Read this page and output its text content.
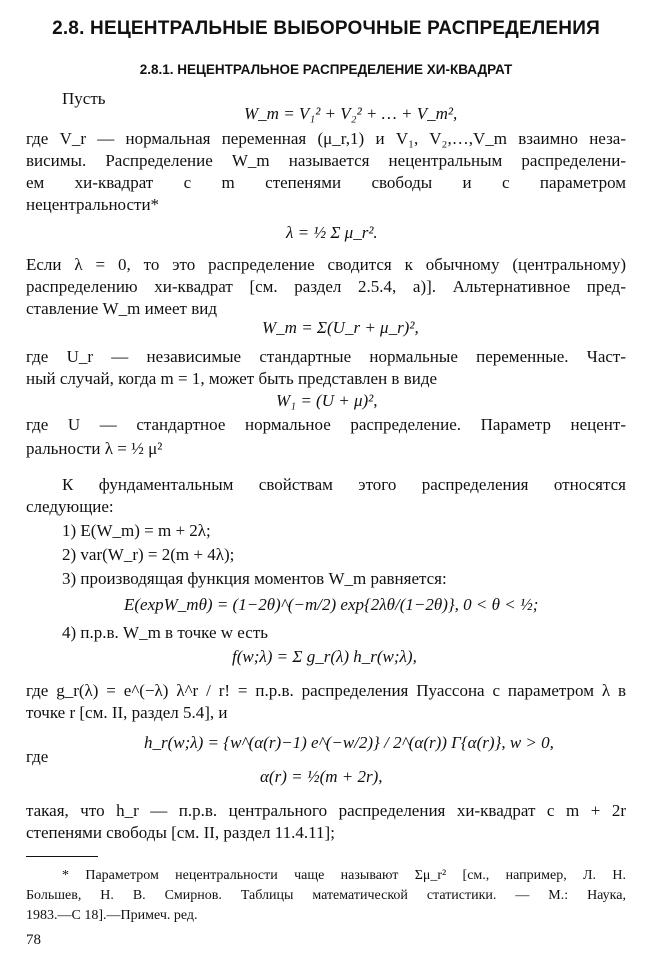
2.8. НЕЦЕНТРАЛЬНЫЕ ВЫБОРОЧНЫЕ РАСПРЕДЕЛЕНИЯ
2.8.1. НЕЦЕНТРАЛЬНОЕ РАСПРЕДЕЛЕНИЕ ХИ-КВАДРАТ
Пусть
W_m = V₁² + V₂² + … + V_m²,
где V_r — нормальная переменная (μ_r,1) и V₁, V₂,…,V_m взаимно неза-
висимы. Распределение W_m называется нецентральным распределени-
ем хи-квадрат с m степенями свободы и с параметром
нецентральности*
λ = ½ Σ μ_r².
Если λ = 0, то это распределение сводится к обычному (центральному)
распределению хи-квадрат [см. раздел 2.5.4, а)]. Альтернативное пред-
ставление W_m имеет вид
W_m = Σ(U_r + μ_r)²,
где U_r — независимые стандартные нормальные переменные. Част-
ный случай, когда m = 1, может быть представлен в виде
W₁ = (U + μ)²,
где U — стандартное нормальное распределение. Параметр нецент-
ральности λ = ½ μ²
К фундаментальным свойствам этого распределения относятся
следующие:
1) E(W_m) = m + 2λ;
2) var(W_r) = 2(m + 4λ);
3) производящая функция моментов W_m равняется:
E(expW_mθ) = (1−2θ)^(−m/2) exp{2λθ/(1−2θ)}, 0 < θ < ½;
4) п.р.в. W_m в точке w есть
f(w;λ) = Σ g_r(λ) h_r(w;λ),
где g_r(λ) = e^(−λ) λ^r / r! = п.р.в. распределения Пуассона с параметром λ в
точке r [см. II, раздел 5.4], и
h_r(w;λ) = {w^(α(r)−1) e^(−w/2)} / 2^(α(r)) Γ{α(r)}, w > 0,
где
α(r) = ½(m + 2r),
такая, что h_r — п.р.в. центрального распределения хи-квадрат с m + 2r
степенями свободы [см. II, раздел 11.4.11];
* Параметром нецентральности чаще называют Σμ_r² [см., например, Л. Н.
Большев, Н. В. Смирнов. Таблицы математической статистики. — М.: Наука,
1983.—С 18].—Примеч. ред.
78
